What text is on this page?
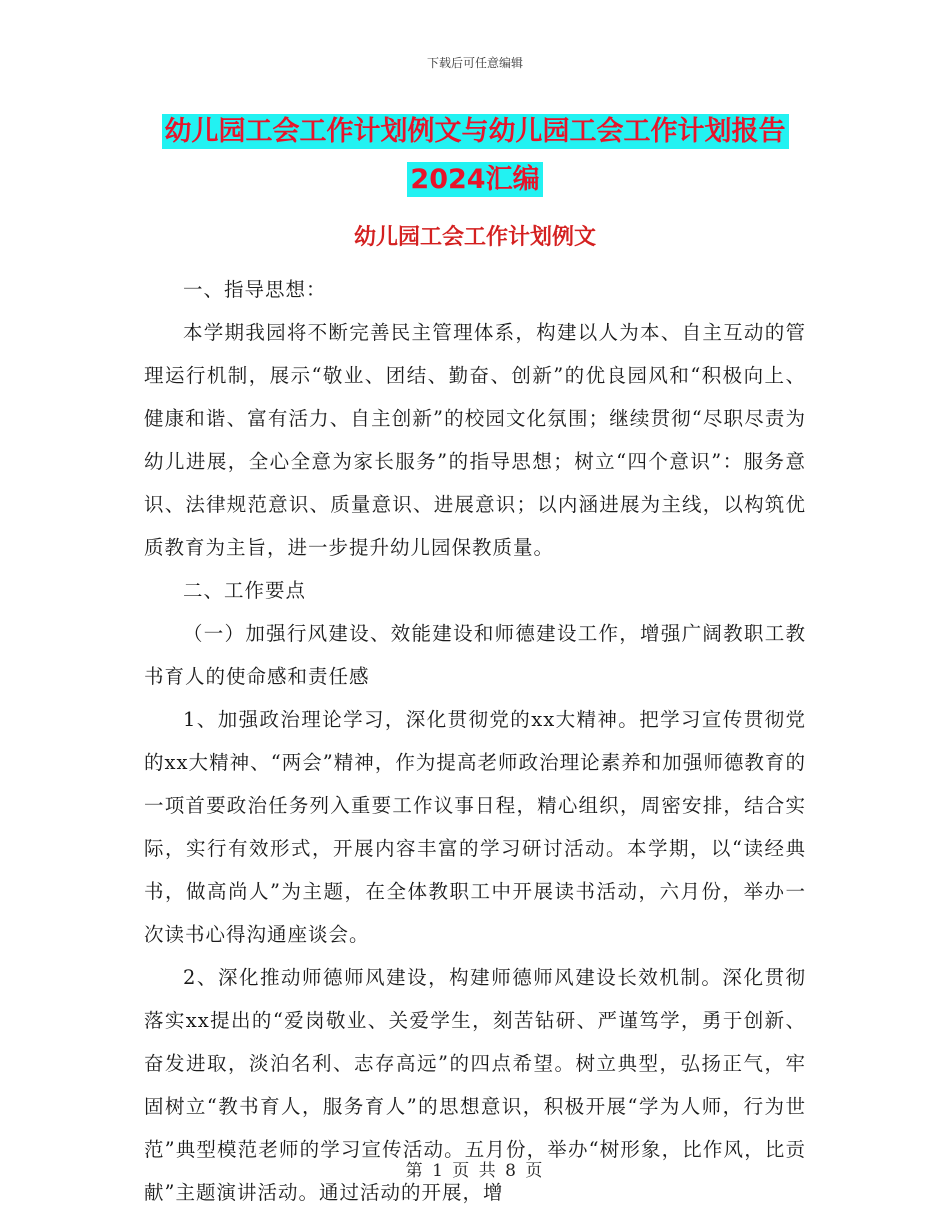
下载后可任意编辑
幼儿园工会工作计划例文与幼儿园工会工作计划报告
2024汇编
幼儿园工会工作计划例文

一、指导思想：

本学期我园将不断完善民主管理体系，构建以人为本、自主互动的管理运行机制，展示“敬业、团结、勤奋、创新”的优良园风和“积极向上、健康和谐、富有活力、自主创新”的校园文化氛围；继续贯彻“尽职尽责为幼儿进展，全心全意为家长服务”的指导思想；树立“四个意识”：服务意识、法律规范意识、质量意识、进展意识；以内涵进展为主线，以构筑优质教育为主旨，进一步提升幼儿园保教质量。

二、工作要点

（一）加强行风建设、效能建设和师德建设工作，增强广阔教职工教书育人的使命感和责任感

1、加强政治理论学习，深化贯彻党的xx大精神。把学习宣传贯彻党的xx大精神、“两会”精神，作为提高老师政治理论素养和加强师德教育的一项首要政治任务列入重要工作议事日程，精心组织，周密安排，结合实际，实行有效形式，开展内容丰富的学习研讨活动。本学期，以“读经典书，做高尚人”为主题，在全体教职工中开展读书活动，六月份，举办一次读书心得沟通座谈会。

2、深化推动师德师风建设，构建师德师风建设长效机制。深化贯彻落实xx提出的“爱岗敬业、关爱学生，刻苦钻研、严谨笃学，勇于创新、奋发进取，淡泊名利、志存高远”的四点希望。树立典型，弘扬正气，牢固树立“教书育人，服务育人”的思想意识，积极开展“学为人师，行为世范”典型模范老师的学习宣传活动。五月份，举办“树形象，比作风，比贡献”主题演讲活动。通过活动的开展，增

第 1 页 共 8 页
